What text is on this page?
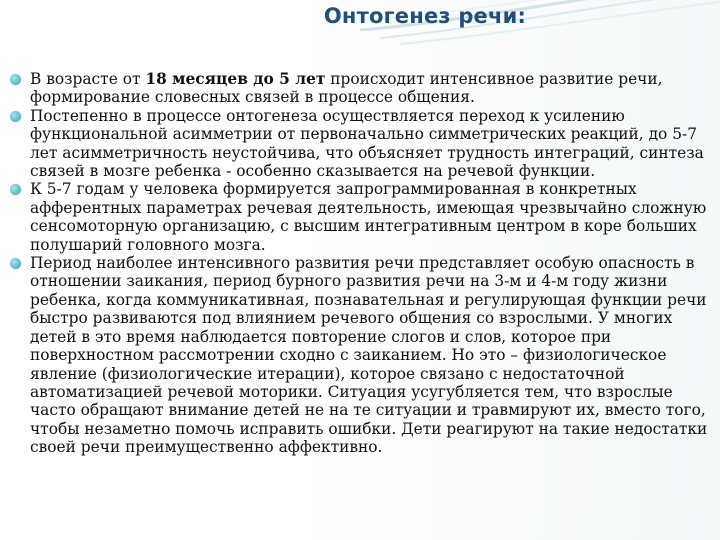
Онтогенез речи:
В возрасте от 18 месяцев до 5 лет происходит интенсивное развитие речи, формирование словесных связей в процессе общения.
Постепенно в процессе онтогенеза осуществляется переход к усилению функциональной асимметрии от первоначально симметрических реакций, до 5-7 лет асимметричность неустойчива, что объясняет трудность интеграций, синтеза связей в мозге ребенка - особенно сказывается на речевой функции.
К 5-7 годам у человека формируется запрограммированная в конкретных афферентных параметрах речевая деятельность, имеющая чрезвычайно сложную сенсомоторную организацию, с высшим интегративным центром в коре больших полушарий головного мозга.
Период наиболее интенсивного развития речи представляет особую опасность в отношении заикания, период бурного развития речи на 3-м и 4-м году жизни ребенка, когда коммуникативная, познавательная и регулирующая функции речи быстро развиваются под влиянием речевого общения со взрослыми. У многих детей в это время наблюдается повторение слогов и слов, которое при поверхностном рассмотрении сходно с заиканием. Но это – физиологическое явление (физиологические итерации), которое связано с недостаточной автоматизацией речевой моторики. Ситуация усугубляется тем, что взрослые часто обращают внимание детей не на те ситуации и травмируют их, вместо того, чтобы незаметно помочь исправить ошибки. Дети реагируют на такие недостатки своей речи преимущественно аффективно.
